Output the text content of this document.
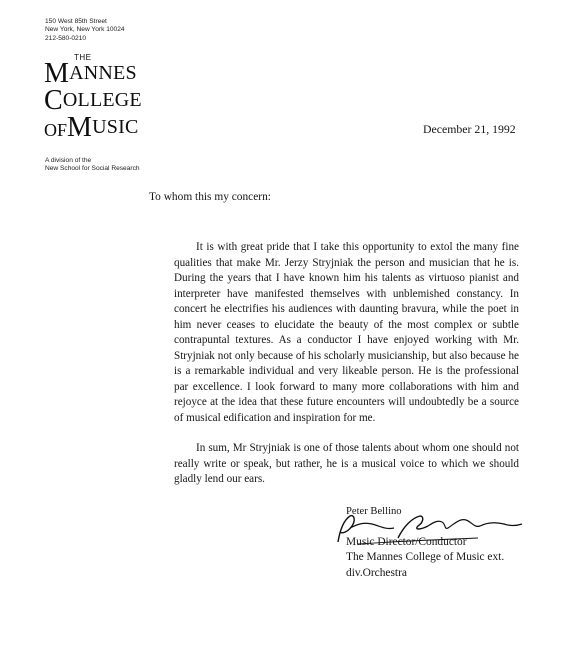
150 West 85th Street
New York, New York 10024
212-580-0210
THE
MANNES
COLLEGE
OFMUSIC
A division of the
New School for Social Research
December 21, 1992
To whom this my concern:

It is with great pride that I take this opportunity to extol the many fine qualities that make Mr. Jerzy Stryjniak the person and musician that he is. During the years that I have known him his talents as virtuoso pianist and interpreter have manifested themselves with unblemished constancy. In concert he electrifies his audiences with daunting bravura, while the poet in him never ceases to elucidate the beauty of the most complex or subtle contrapuntal textures. As a conductor I have enjoyed working with Mr. Stryjniak not only because of his scholarly musicianship, but also because he is a remarkable individual and very likeable person. He is the professional par excellence. I look forward to many more collaborations with him and rejoyce at the idea that these future encounters will undoubtedly be a source of musical edification and inspiration for me.

In sum, Mr Stryjniak is one of those talents about whom one should not really write or speak, but rather, he is a musical voice to which we should gladly lend our ears.

Peter Bellino
Music Director/Conductor
The Mannes College of Music ext.
div.Orchestra
